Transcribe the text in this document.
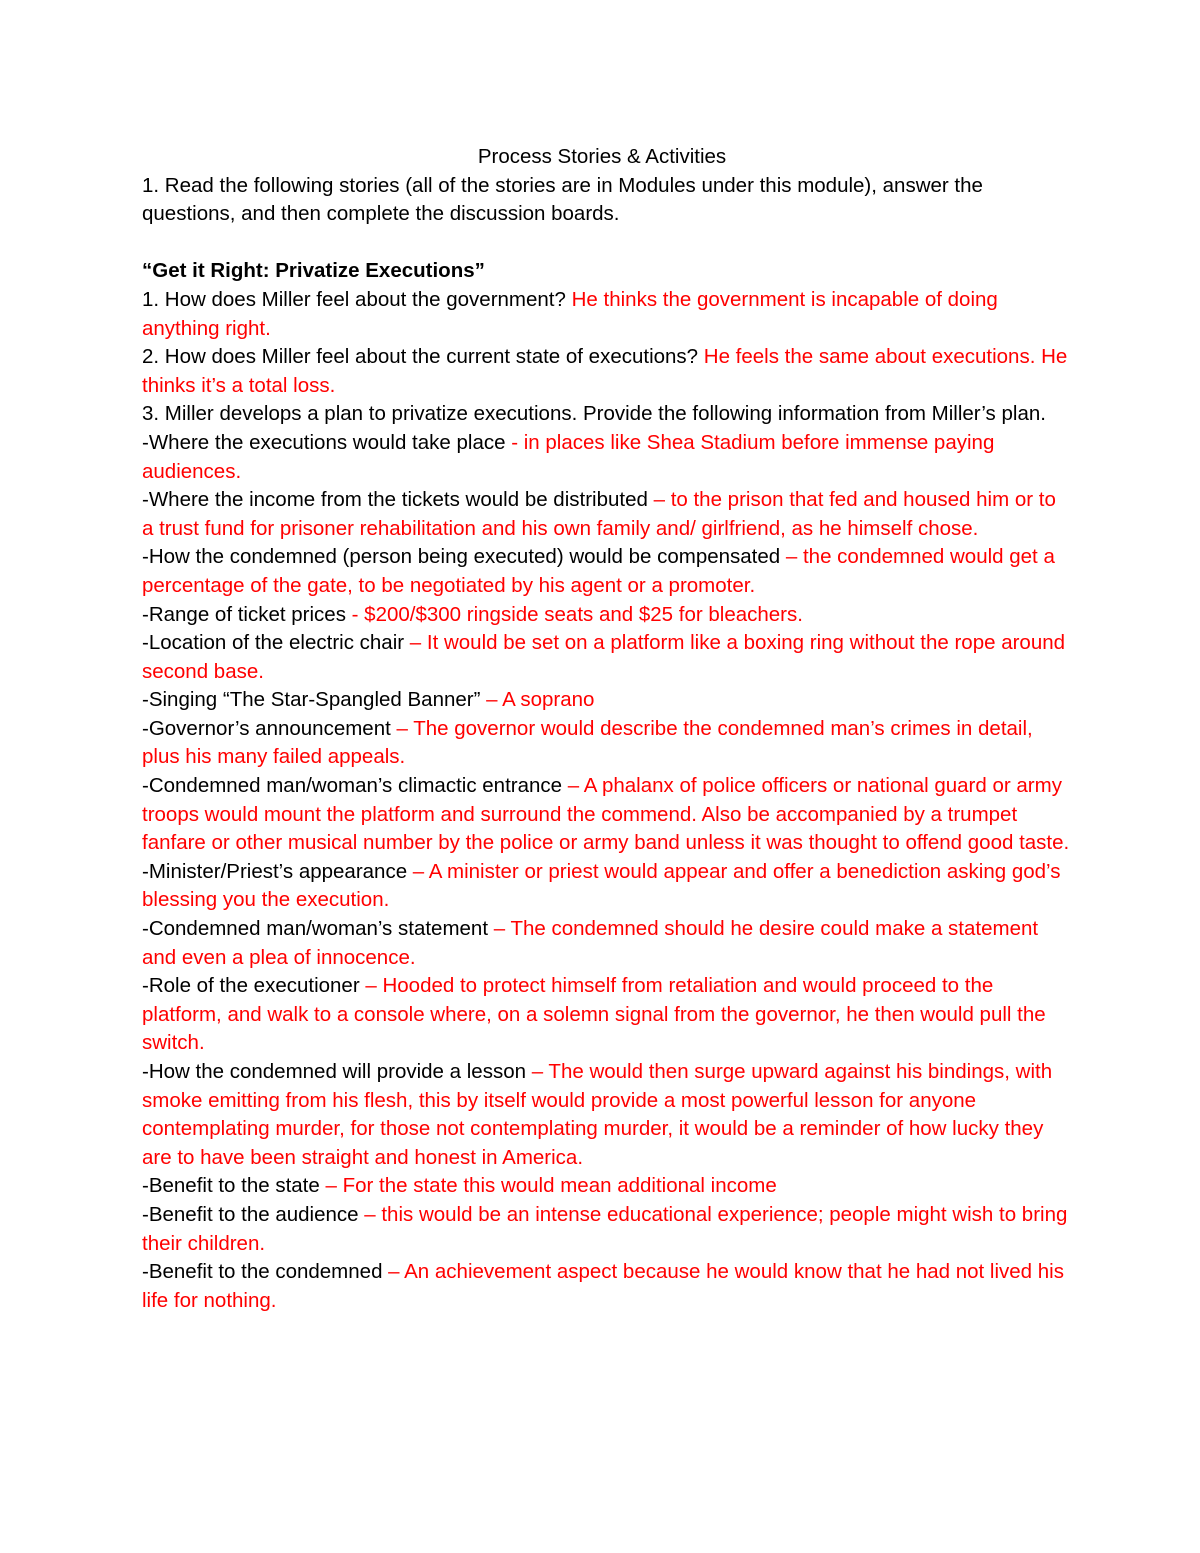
Process Stories & Activities

1. Read the following stories (all of the stories are in Modules under this module), answer the questions, and then complete the discussion boards.

“Get it Right: Privatize Executions”

1. How does Miller feel about the government? He thinks the government is incapable of doing anything right.

2. How does Miller feel about the current state of executions? He feels the same about executions. He thinks it’s a total loss.

3. Miller develops a plan to privatize executions. Provide the following information from Miller’s plan.

-Where the executions would take place - in places like Shea Stadium before immense paying audiences.

-Where the income from the tickets would be distributed – to the prison that fed and housed him or to a trust fund for prisoner rehabilitation and his own family and/ girlfriend, as he himself chose.

-How the condemned (person being executed) would be compensated – the condemned would get a percentage of the gate, to be negotiated by his agent or a promoter.

-Range of ticket prices - $200/$300 ringside seats and $25 for bleachers.

-Location of the electric chair – It would be set on a platform like a boxing ring without the rope around second base.

-Singing “The Star-Spangled Banner” – A soprano

-Governor’s announcement – The governor would describe the condemned man’s crimes in detail, plus his many failed appeals.

-Condemned man/woman’s climactic entrance – A phalanx of police officers or national guard or army troops would mount the platform and surround the commend. Also be accompanied by a trumpet fanfare or other musical number by the police or army band unless it was thought to offend good taste.

-Minister/Priest’s appearance – A minister or priest would appear and offer a benediction asking god’s blessing you the execution.

-Condemned man/woman’s statement – The condemned should he desire could make a statement and even a plea of innocence.

-Role of the executioner – Hooded to protect himself from retaliation and would proceed to the platform, and walk to a console where, on a solemn signal from the governor, he then would pull the switch.

-How the condemned will provide a lesson – The would then surge upward against his bindings, with smoke emitting from his flesh, this by itself would provide a most powerful lesson for anyone contemplating murder, for those not contemplating murder, it would be a reminder of how lucky they are to have been straight and honest in America.

-Benefit to the state – For the state this would mean additional income

-Benefit to the audience – this would be an intense educational experience; people might wish to bring their children.

-Benefit to the condemned – An achievement aspect because he would know that he had not lived his life for nothing.
